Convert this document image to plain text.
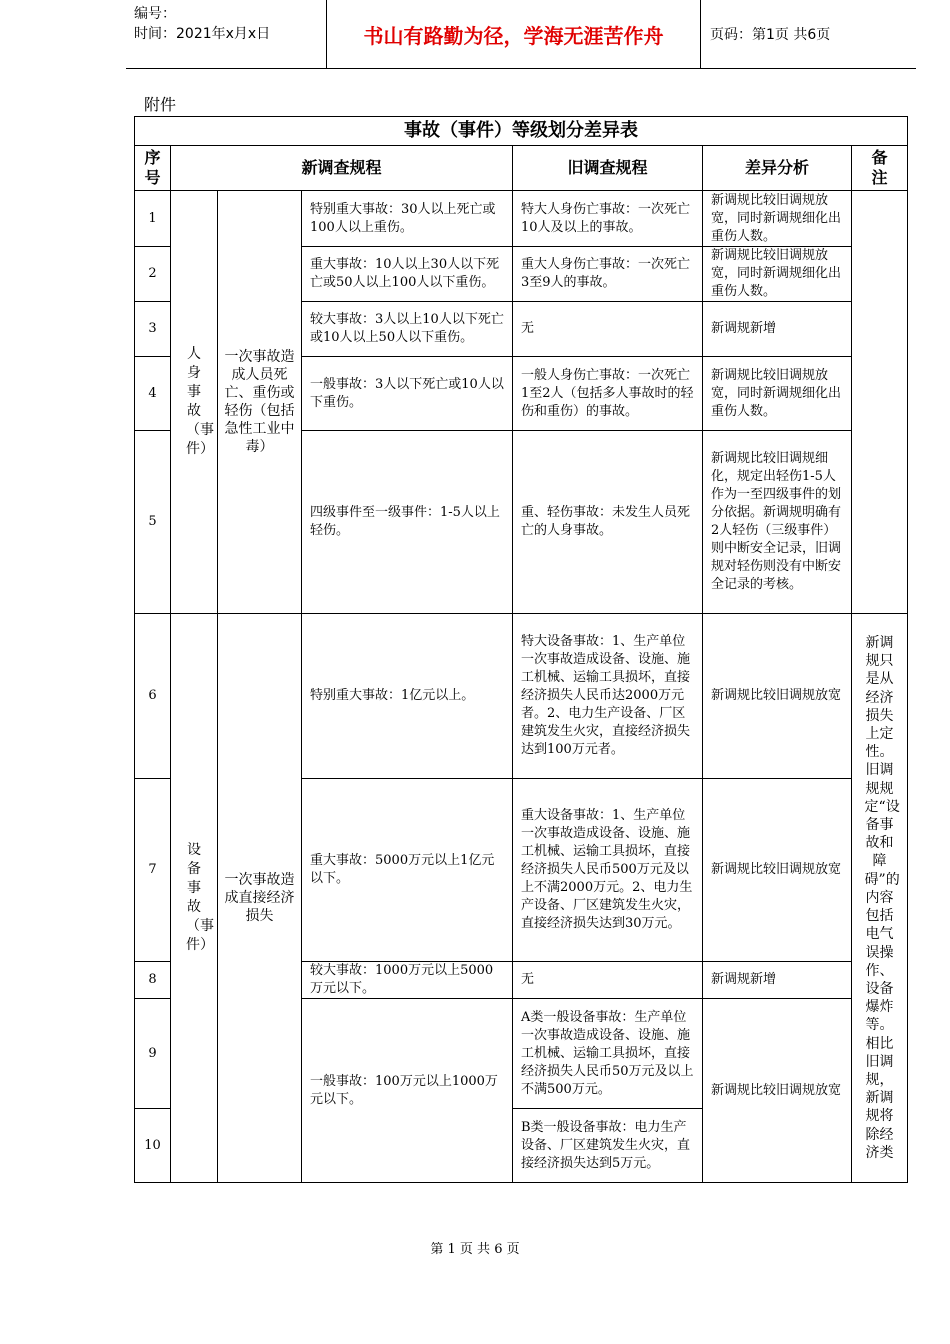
编号：
时间：2021年x月x日	书山有路勤为径，学海无涯苦作舟	页码：第1页 共6页
附件
事故（事件）等级划分差异表						
序号	新调查规程			旧调查规程	差异分析	备注
1	人身事故（事件）	一次事故造成人员死亡、重伤或轻伤（包括急性工业中毒）	特别重大事故：30人以上死亡或100人以上重伤。	特大人身伤亡事故：一次死亡10人及以上的事故。	新调规比较旧调规放宽，同时新调规细化出重伤人数。	
2			重大事故：10人以上30人以下死亡或50人以上100人以下重伤。	重大人身伤亡事故：一次死亡3至9人的事故。	新调规比较旧调规放宽，同时新调规细化出重伤人数。	
3			较大事故：3人以上10人以下死亡或10人以上50人以下重伤。	无	新调规新增	
4			一般事故：3人以下死亡或10人以下重伤。	一般人身伤亡事故：一次死亡1至2人（包括多人事故时的轻伤和重伤）的事故。	新调规比较旧调规放宽，同时新调规细化出重伤人数。	
5			四级事件至一级事件：1-5人以上轻伤。	重、轻伤事故：未发生人员死亡的人身事故。	新调规比较旧调规细化，规定出轻伤1-5人作为一至四级事件的划分依据。新调规明确有2人轻伤（三级事件）则中断安全记录，旧调规对轻伤则没有中断安全记录的考核。	
6	设备事故（事件）	一次事故造成直接经济损失	特别重大事故：1亿元以上。	特大设备事故：1、生产单位一次事故造成设备、设施、施工机械、运输工具损坏，直接经济损失人民币达2000万元者。2、电力生产设备、厂区建筑发生火灾，直接经济损失达到100万元者。	新调规比较旧调规放宽	新调规只是从经济损失上定性。旧调规规定“设备事故和障碍”的内容包括电气误操作、设备爆炸等。相比旧调规，新调规将除经济类
7			重大事故：5000万元以上1亿元以下。	重大设备事故：1、生产单位一次事故造成设备、设施、施工机械、运输工具损坏，直接经济损失人民币500万元及以上不满2000万元。2、电力生产设备、厂区建筑发生火灾，直接经济损失达到30万元。	新调规比较旧调规放宽	
8			较大事故：1000万元以上5000万元以下。	无	新调规新增	
9			一般事故：100万元以上1000万元以下。	A类一般设备事故：生产单位一次事故造成设备、设施、施工机械、运输工具损坏，直接经济损失人民币50万元及以上不满500万元。	新调规比较旧调规放宽	
10				B类一般设备事故：电力生产设备、厂区建筑发生火灾，直接经济损失达到5万元。		
第 1 页 共 6 页
